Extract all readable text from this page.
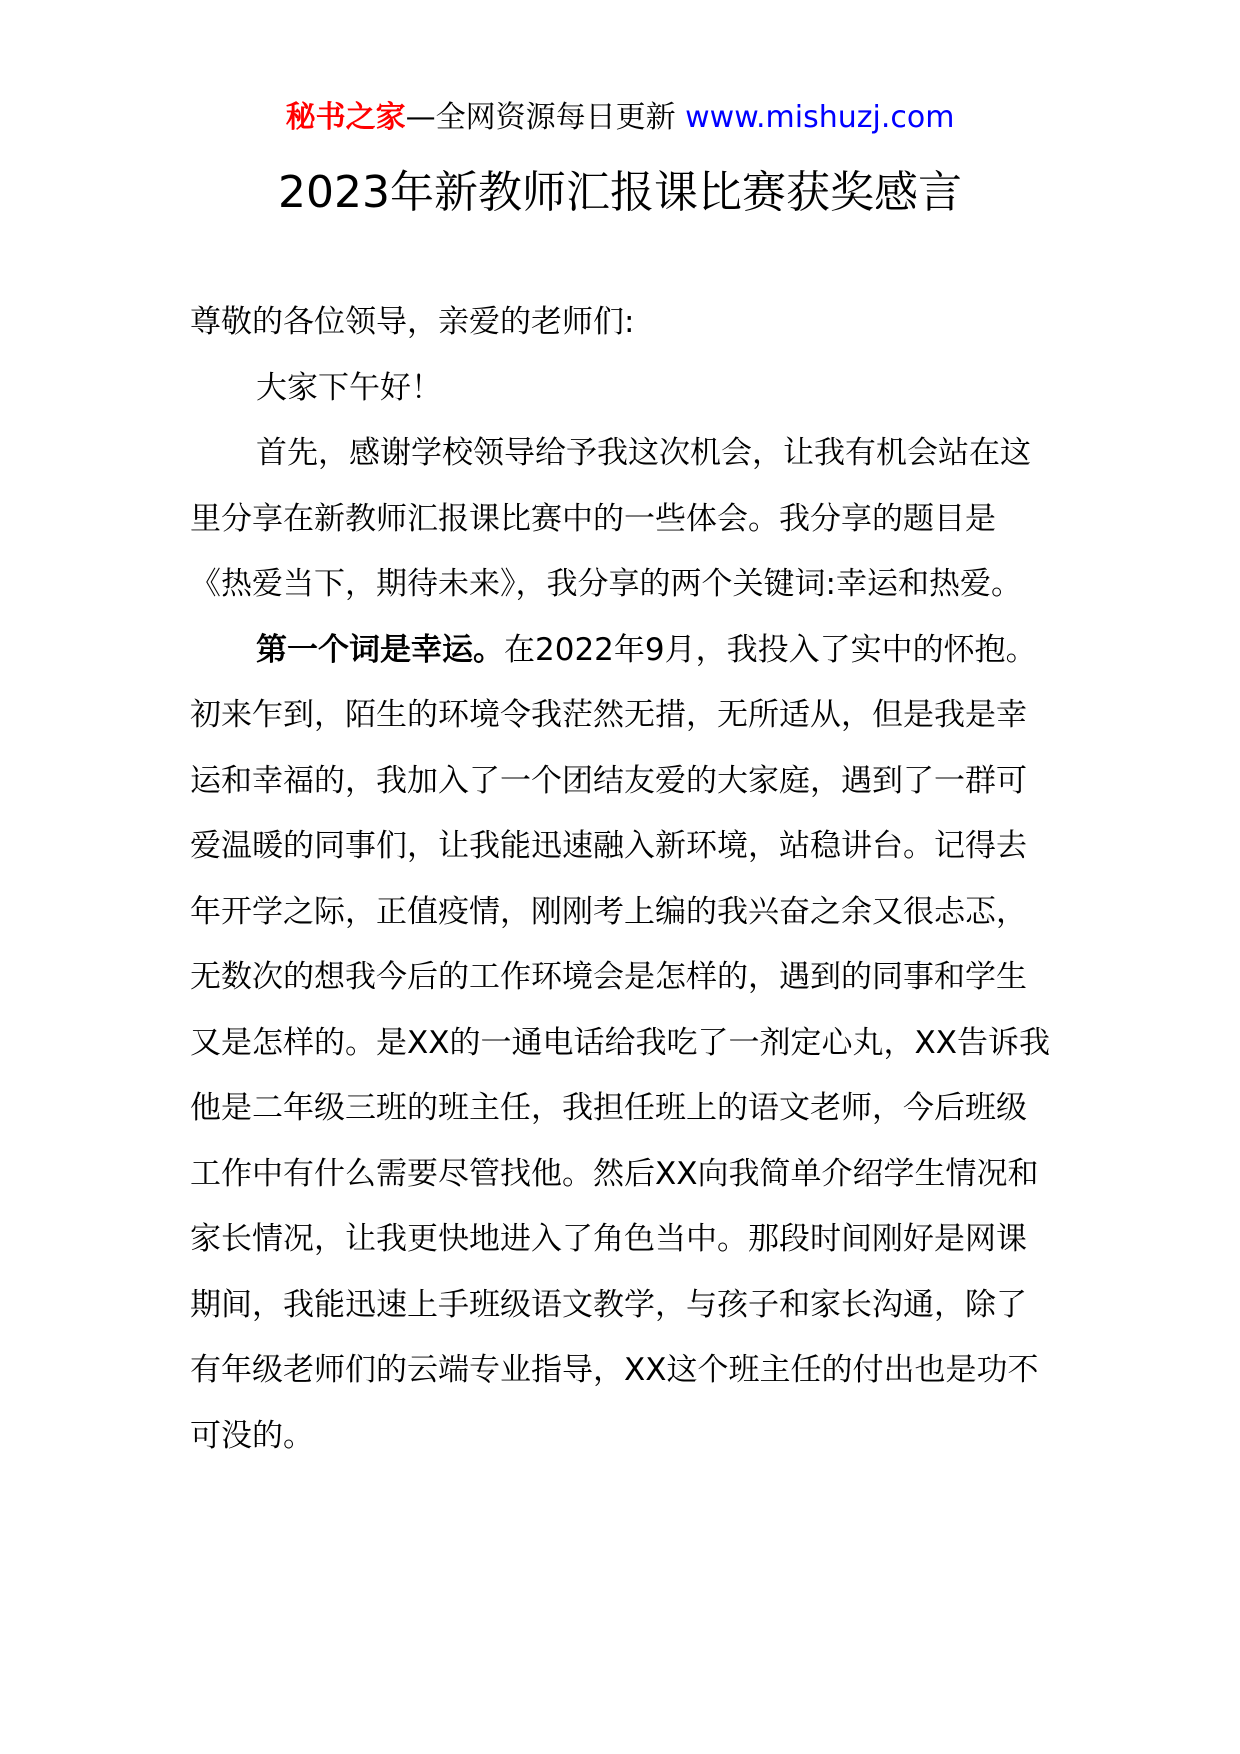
秘书之家—全网资源每日更新 www.mishuzj.com
2023年新教师汇报课比赛获奖感言

尊敬的各位领导，亲爱的老师们:

大家下午好！

首先，感谢学校领导给予我这次机会，让我有机会站在这里分享在新教师汇报课比赛中的一些体会。我分享的题目是《热爱当下，期待未来》，我分享的两个关键词:幸运和热爱。

第一个词是幸运。在2022年9月，我投入了实中的怀抱。初来乍到，陌生的环境令我茫然无措，无所适从，但是我是幸运和幸福的，我加入了一个团结友爱的大家庭，遇到了一群可爱温暖的同事们，让我能迅速融入新环境，站稳讲台。记得去年开学之际，正值疫情，刚刚考上编的我兴奋之余又很忐忑，无数次的想我今后的工作环境会是怎样的，遇到的同事和学生又是怎样的。是XX的一通电话给我吃了一剂定心丸，XX告诉我他是二年级三班的班主任，我担任班上的语文老师，今后班级工作中有什么需要尽管找他。然后XX向我简单介绍学生情况和家长情况，让我更快地进入了角色当中。那段时间刚好是网课期间，我能迅速上手班级语文教学，与孩子和家长沟通，除了有年级老师们的云端专业指导，XX这个班主任的付出也是功不可没的。
